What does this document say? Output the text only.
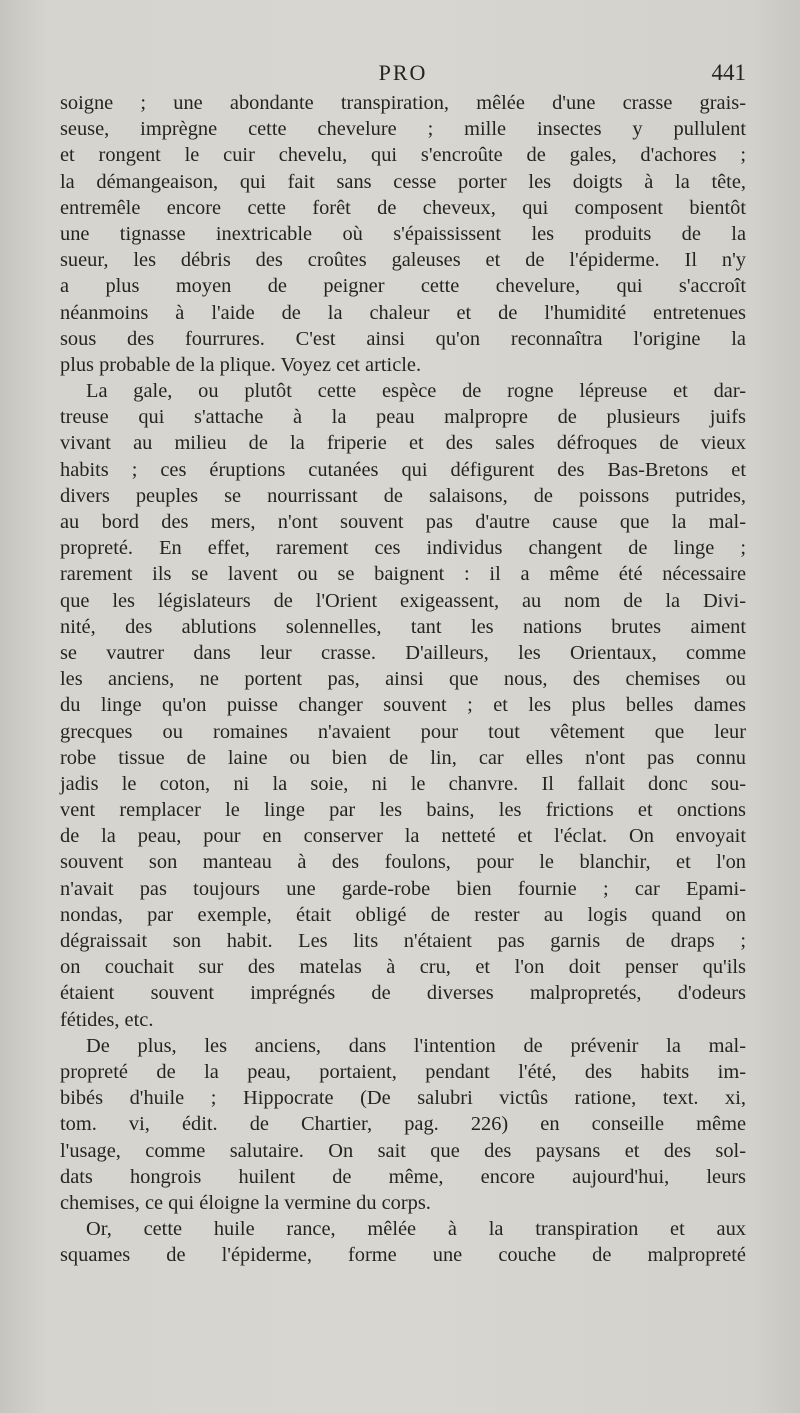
PRO	441
soigne ; une abondante transpiration, mêlée d'une crasse grais-
seuse, imprègne cette chevelure ; mille insectes y pullulent
et rongent le cuir chevelu, qui s'encroûte de gales, d'achores ;
la démangeaison, qui fait sans cesse porter les doigts à la tête,
entremêle encore cette forêt de cheveux, qui composent bientôt
une tignasse inextricable où s'épaississent les produits de la
sueur, les débris des croûtes galeuses et de l'épiderme. Il n'y
a plus moyen de peigner cette chevelure, qui s'accroît
néanmoins à l'aide de la chaleur et de l'humidité entretenues
sous des fourrures. C'est ainsi qu'on reconnaîtra l'origine la
plus probable de la plique. Voyez cet article.
La gale, ou plutôt cette espèce de rogne lépreuse et dar-
treuse qui s'attache à la peau malpropre de plusieurs juifs
vivant au milieu de la friperie et des sales défroques de vieux
habits ; ces éruptions cutanées qui défigurent des Bas-Bretons et
divers peuples se nourrissant de salaisons, de poissons putrides,
au bord des mers, n'ont souvent pas d'autre cause que la mal-
propreté. En effet, rarement ces individus changent de linge ;
rarement ils se lavent ou se baignent : il a même été nécessaire
que les législateurs de l'Orient exigeassent, au nom de la Divi-
nité, des ablutions solennelles, tant les nations brutes aiment
se vautrer dans leur crasse. D'ailleurs, les Orientaux, comme
les anciens, ne portent pas, ainsi que nous, des chemises ou
du linge qu'on puisse changer souvent ; et les plus belles dames
grecques ou romaines n'avaient pour tout vêtement que leur
robe tissue de laine ou bien de lin, car elles n'ont pas connu
jadis le coton, ni la soie, ni le chanvre. Il fallait donc sou-
vent remplacer le linge par les bains, les frictions et onctions
de la peau, pour en conserver la netteté et l'éclat. On envoyait
souvent son manteau à des foulons, pour le blanchir, et l'on
n'avait pas toujours une garde-robe bien fournie ; car Epami-
nondas, par exemple, était obligé de rester au logis quand on
dégraissait son habit. Les lits n'étaient pas garnis de draps ;
on couchait sur des matelas à cru, et l'on doit penser qu'ils
étaient souvent imprégnés de diverses malpropretés, d'odeurs
fétides, etc.
De plus, les anciens, dans l'intention de prévenir la mal-
propreté de la peau, portaient, pendant l'été, des habits im-
bibés d'huile ; Hippocrate (De salubri victûs ratione, text. xi,
tom. vi, édit. de Chartier, pag. 226) en conseille même
l'usage, comme salutaire. On sait que des paysans et des sol-
dats hongrois huilent de même, encore aujourd'hui, leurs
chemises, ce qui éloigne la vermine du corps.
Or, cette huile rance, mêlée à la transpiration et aux
squames de l'épiderme, forme une couche de malpropreté
